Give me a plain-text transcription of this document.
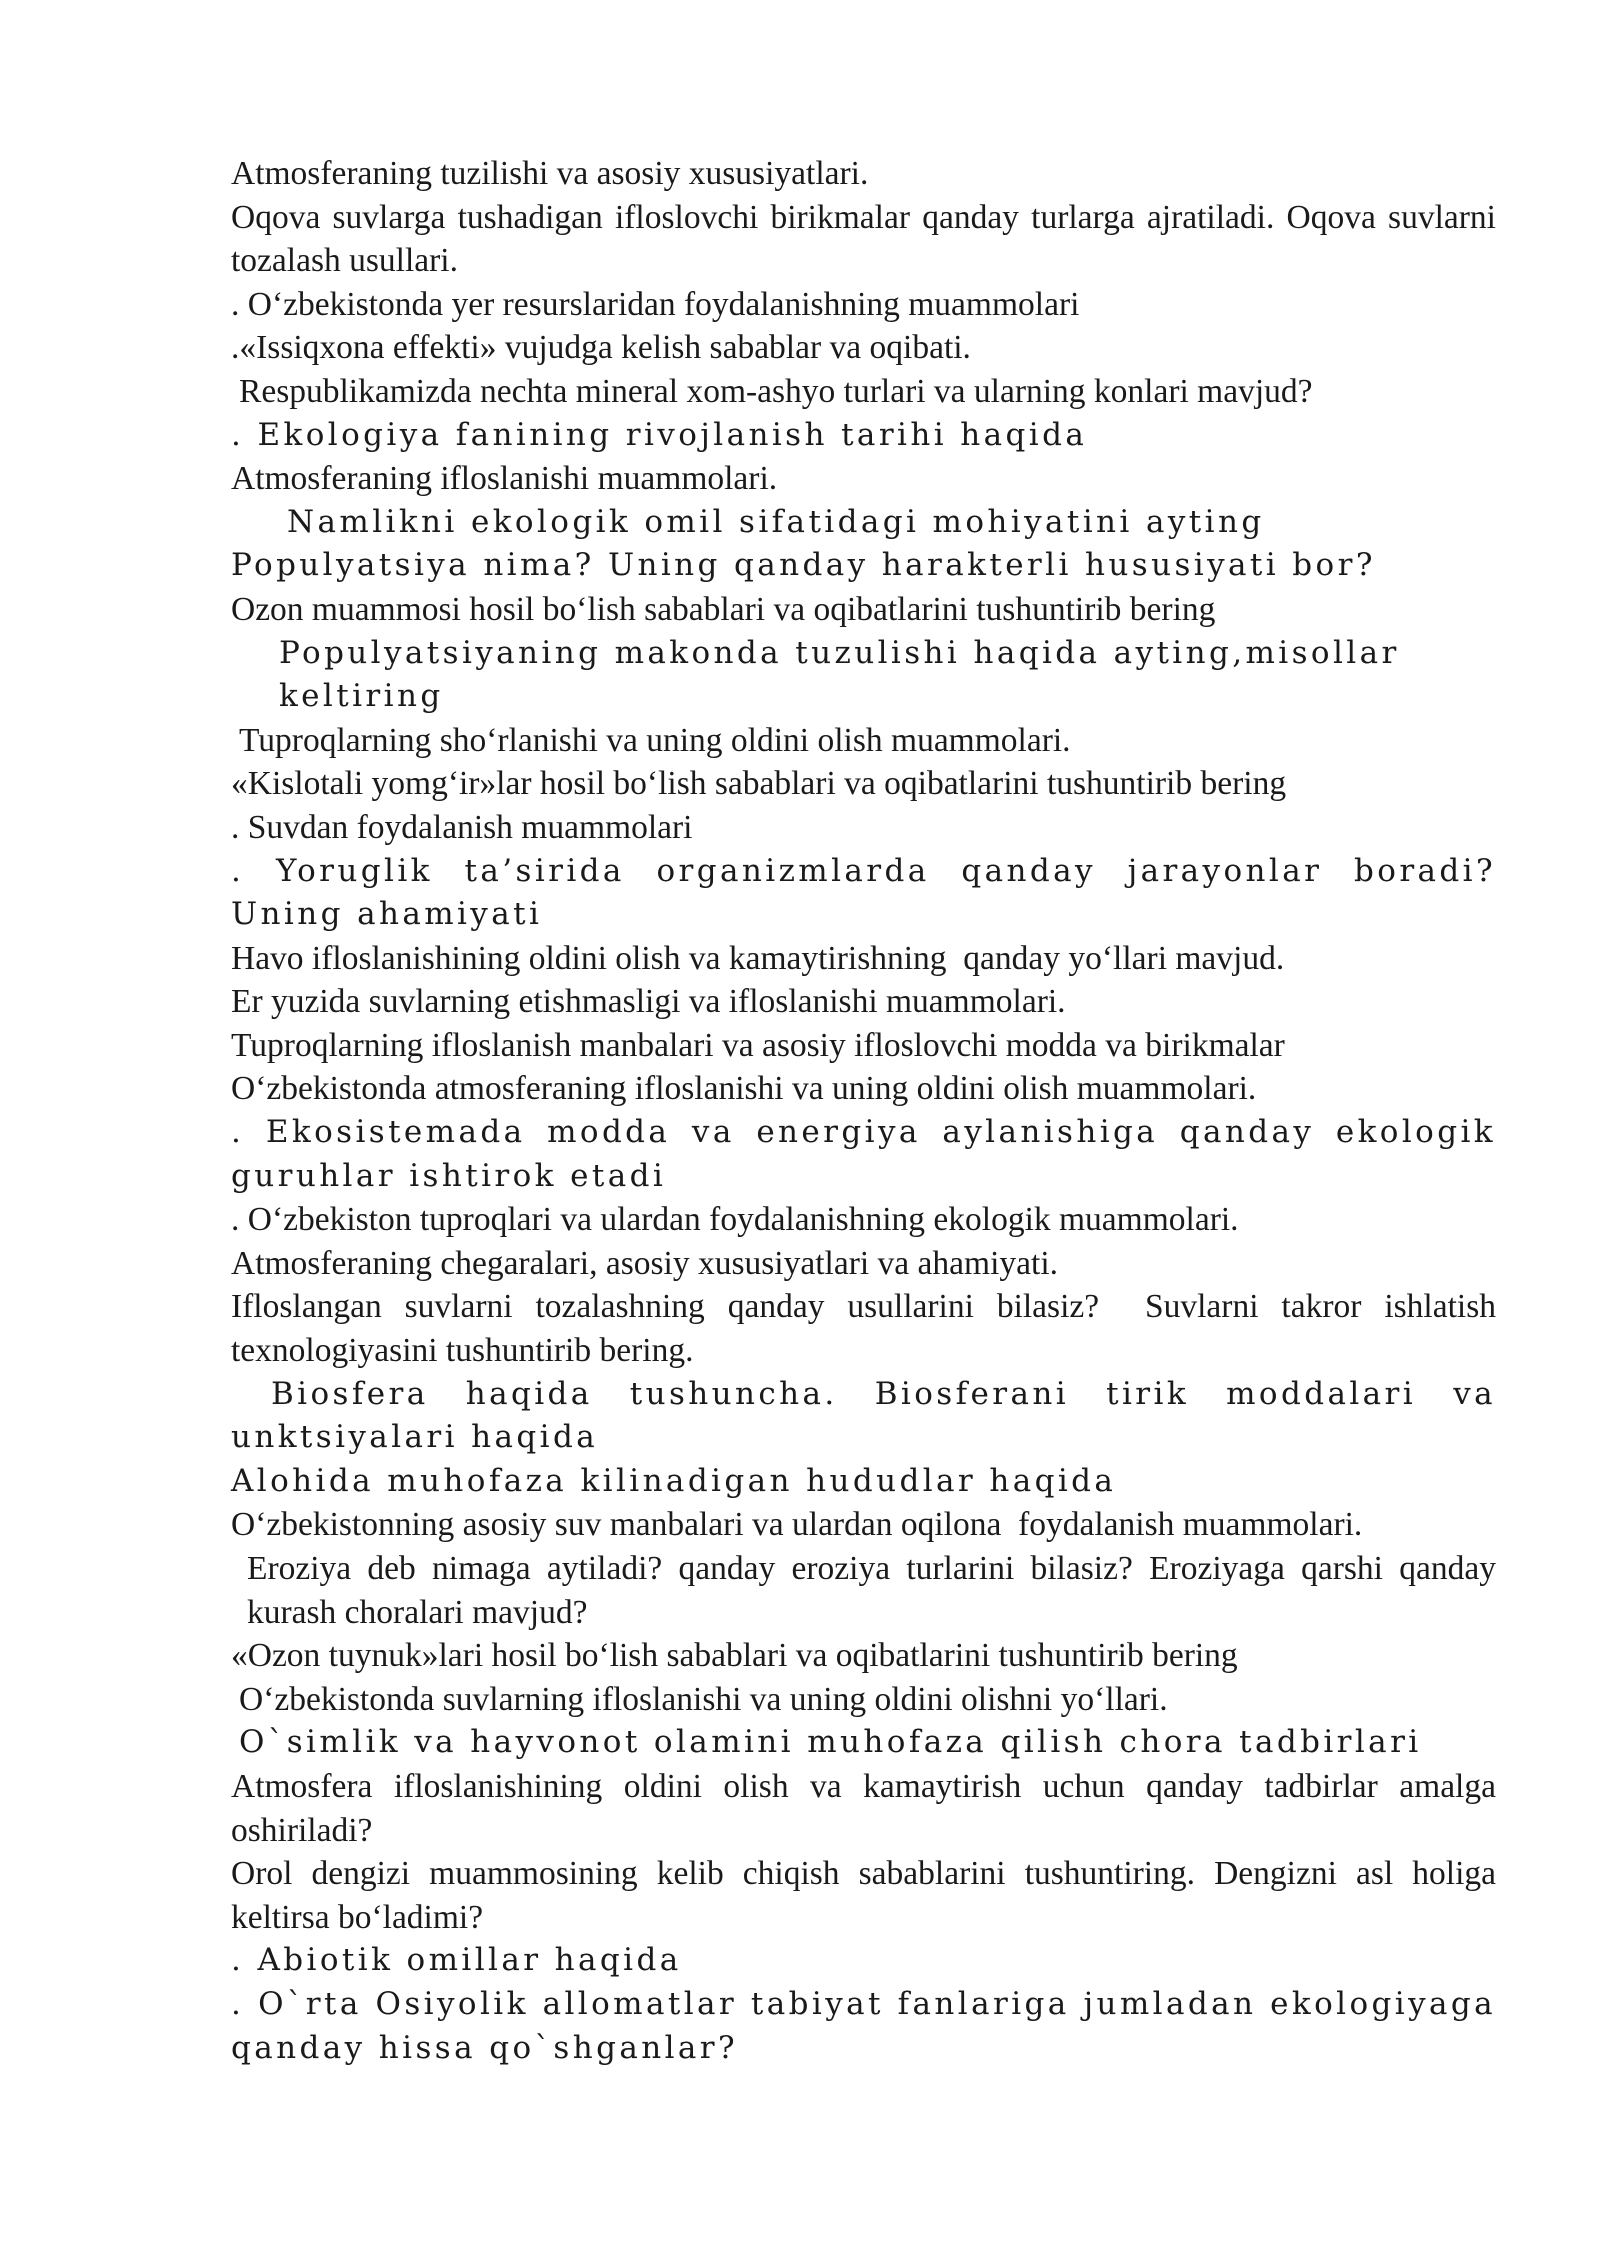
Atmosferaning tuzilishi va asosiy xususiyatlari.

Oqova suvlarga tushadigan ifloslovchi birikmalar qanday turlarga ajratiladi. Oqova suvlarni  tozalash usullari.

. O‘zbekistonda yer resurslaridan foydalanishning muammolari

.«Issiqxona effekti» vujudga kelish sabablar va oqibati.

Respublikamizda nechta mineral xom-ashyo turlari va ularning konlari mavjud?

. Ekologiya fanining rivojlanish tarihi haqida

Atmosferaning ifloslanishi muammolari.

Namlikni ekologik omil sifatidagi mohiyatini ayting

Populyatsiya nima? Uning qanday harakterli hususiyati bor?

Ozon muammosi hosil bo‘lish sabablari va oqibatlarini tushuntirib bering

Populyatsiyaning makonda tuzulishi haqida ayting,misollar keltiring

Tuproqlarning sho‘rlanishi va uning oldini olish muammolari.

«Kislotali yomg‘ir»lar hosil bo‘lish sabablari va oqibatlarini tushuntirib bering

. Suvdan foydalanish muammolari

. Yoruglik ta’sirida organizmlarda qanday jarayonlar boradi? Uning ahamiyati

Havo ifloslanishining oldini olish va kamaytirishning  qanday yo‘llari mavjud.

Er yuzida suvlarning etishmasligi va ifloslanishi muammolari.

Tuproqlarning ifloslanish manbalari va asosiy ifloslovchi modda va birikmalar

O‘zbekistonda atmosferaning ifloslanishi va uning oldini olish muammolari.

. Ekosistemada modda va energiya aylanishiga qanday ekologik guruhlar ishtirok etadi

. O‘zbekiston tuproqlari va ulardan foydalanishning ekologik muammolari.

Atmosferaning chegaralari, asosiy xususiyatlari va ahamiyati.

Ifloslangan suvlarni tozalashning qanday usullarini bilasiz?  Suvlarni takror ishlatish texnologiyasini tushuntirib bering.

Biosfera haqida tushuncha. Biosferani tirik moddalari va

unktsiyalari haqida

Alohida muhofaza kilinadigan hududlar haqida

O‘zbekistonning asosiy suv manbalari va ulardan oqilona  foydalanish muammolari.

Eroziya deb nimaga aytiladi? qanday eroziya turlarini bilasiz? Eroziyaga qarshi qanday kurash choralari mavjud?

«Ozon tuynuk»lari hosil bo‘lish sabablari va oqibatlarini tushuntirib bering

O‘zbekistonda suvlarning ifloslanishi va uning oldini olishni yo‘llari.

O`simlik va hayvonot olamini muhofaza qilish chora tadbirlari

Atmosfera ifloslanishining oldini olish va kamaytirish uchun qanday tadbirlar amalga oshiriladi?

Orol dengizi muammosining kelib chiqish sabablarini tushuntiring. Dengizni asl holiga keltirsa bo‘ladimi?

. Abiotik omillar haqida

. O`rta Osiyolik allomatlar tabiyat fanlariga jumladan ekologiyaga qanday hissa qo`shganlar?
